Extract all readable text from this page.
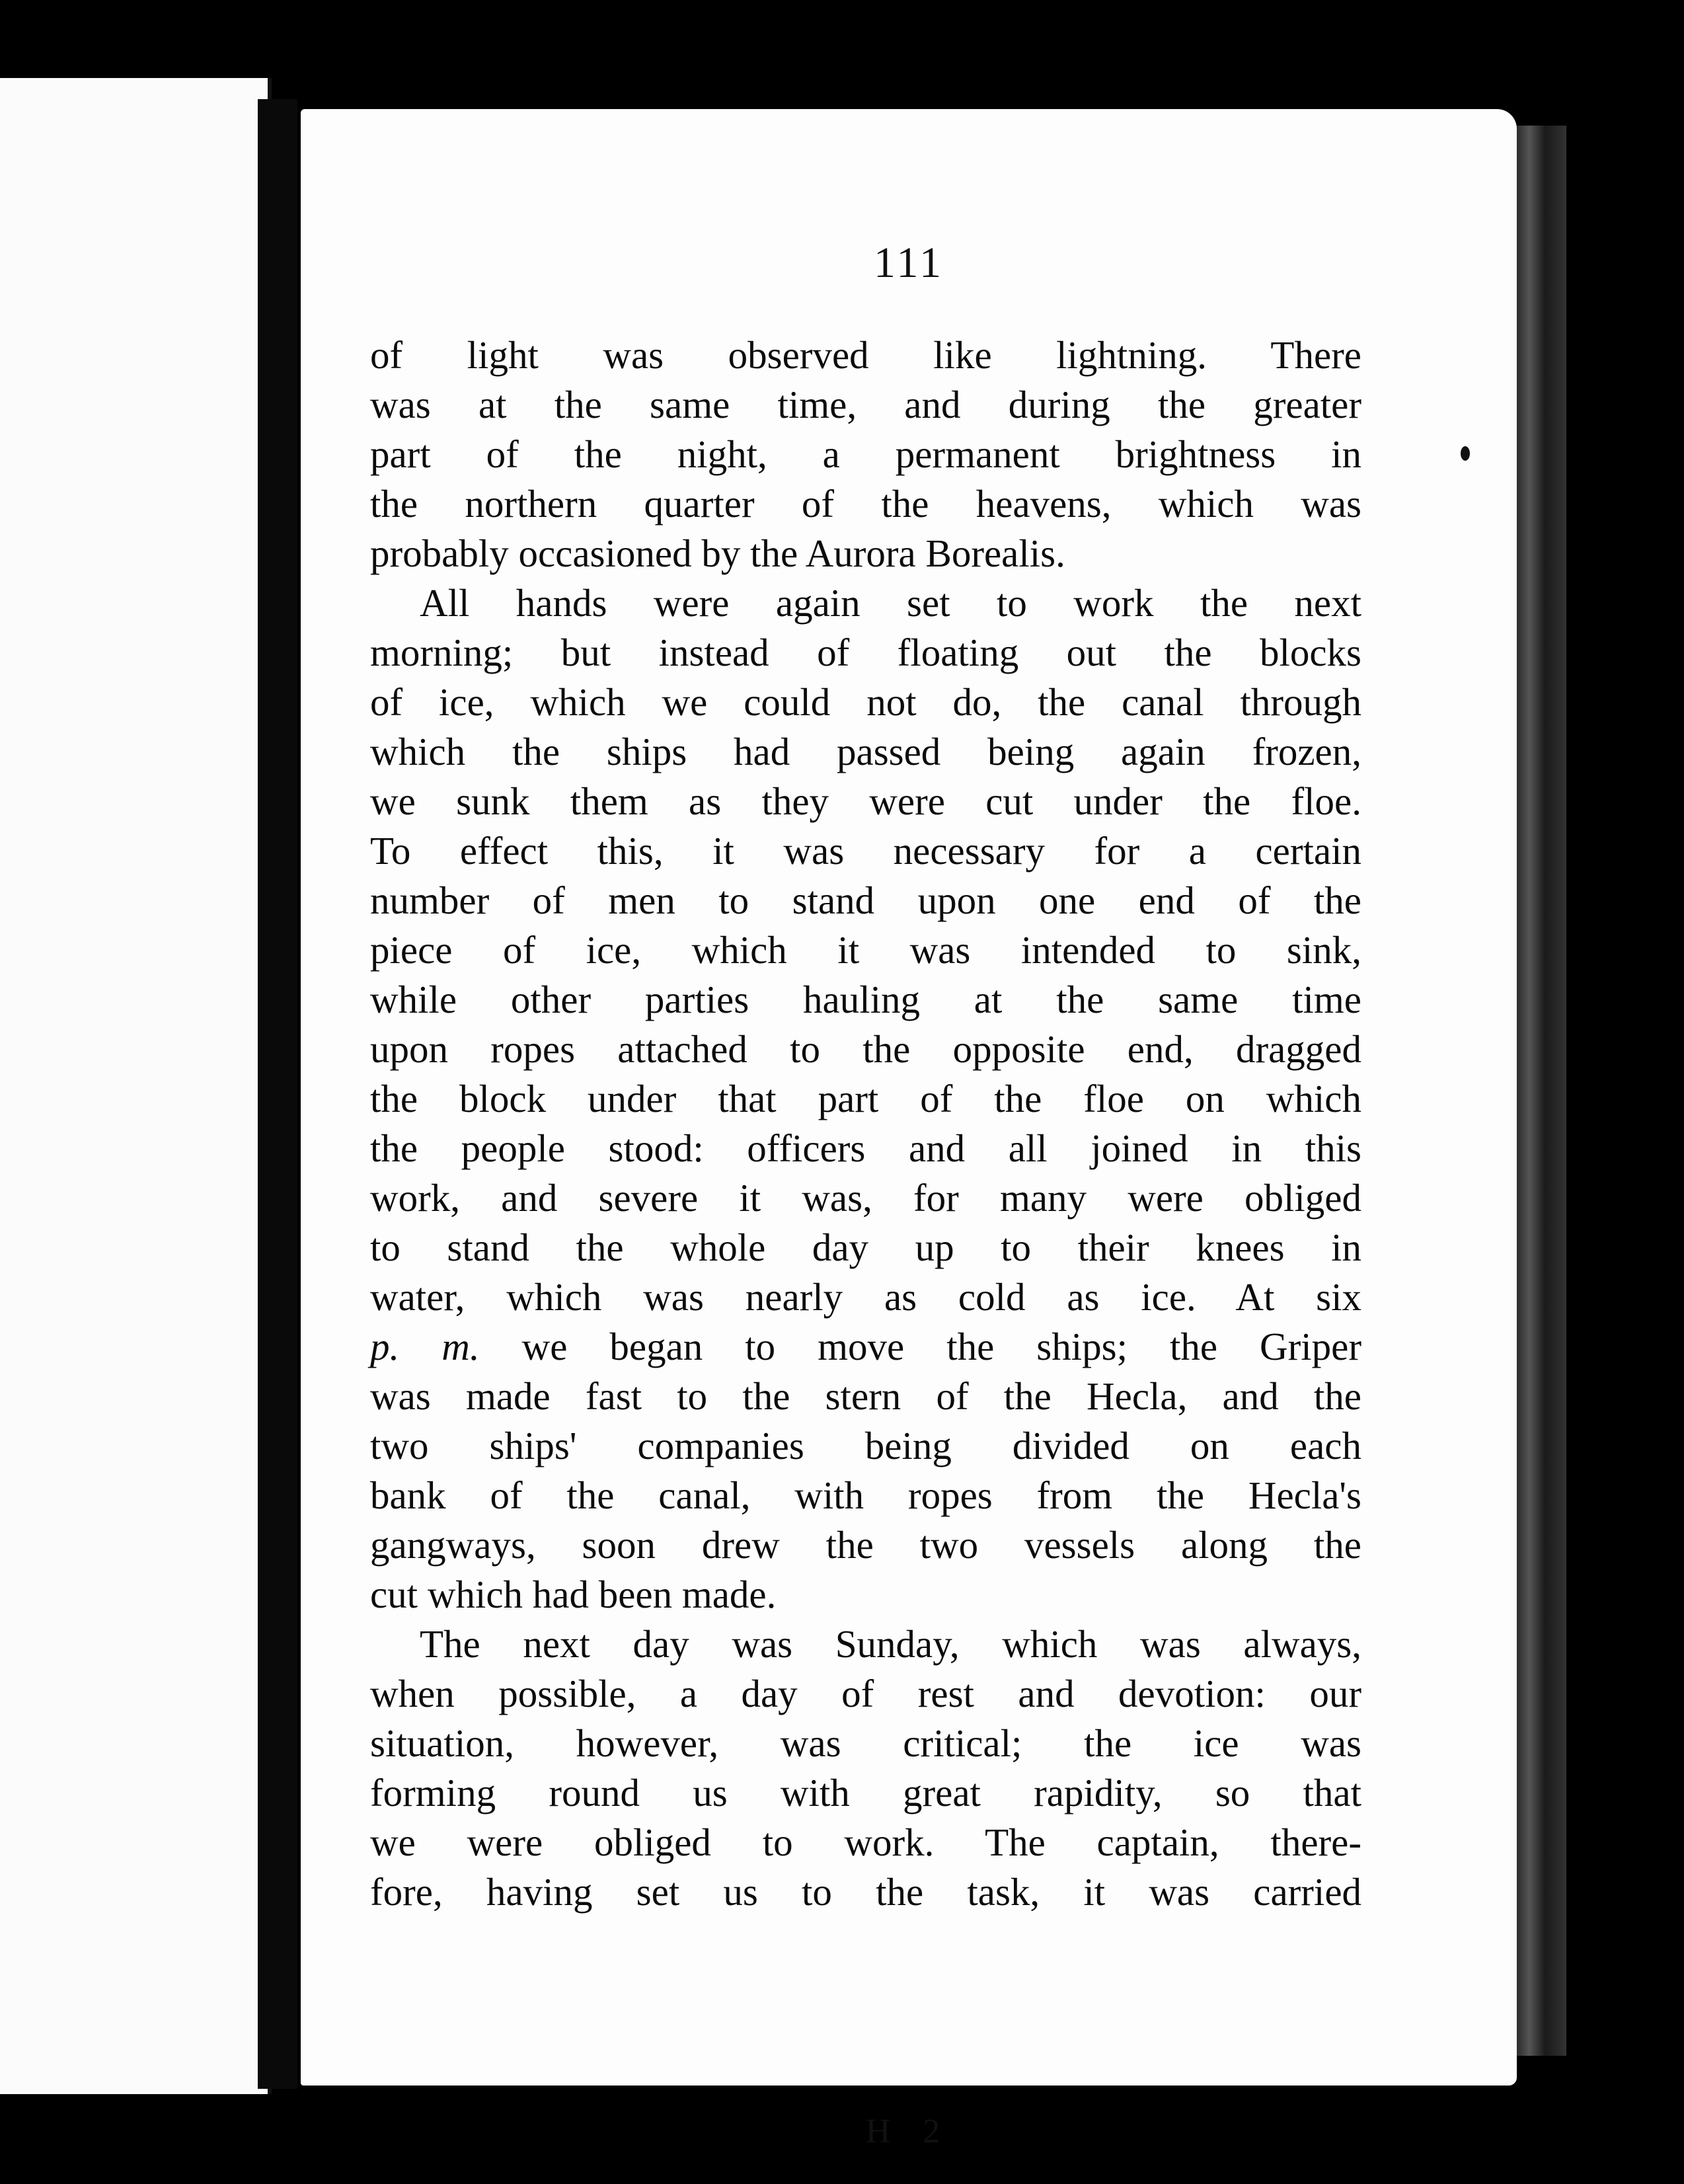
111
of light was observed like lightning. There
was at the same time, and during the greater
part of the night, a permanent brightness in
the northern quarter of the heavens, which was
probably occasioned by the Aurora Borealis.
All hands were again set to work the next
morning; but instead of floating out the blocks
of ice, which we could not do, the canal through
which the ships had passed being again frozen,
we sunk them as they were cut under the floe.
To effect this, it was necessary for a certain
number of men to stand upon one end of the
piece of ice, which it was intended to sink,
while other parties hauling at the same time
upon ropes attached to the opposite end, dragged
the block under that part of the floe on which
the people stood: officers and all joined in this
work, and severe it was, for many were obliged
to stand the whole day up to their knees in
water, which was nearly as cold as ice. At six
p. m. we began to move the ships; the Griper
was made fast to the stern of the Hecla, and the
two ships' companies being divided on each
bank of the canal, with ropes from the Hecla's
gangways, soon drew the two vessels along the
cut which had been made.
The next day was Sunday, which was always,
when possible, a day of rest and devotion: our
situation, however, was critical; the ice was
forming round us with great rapidity, so that
we were obliged to work. The captain, there-
fore, having set us to the task, it was carried
H 2
